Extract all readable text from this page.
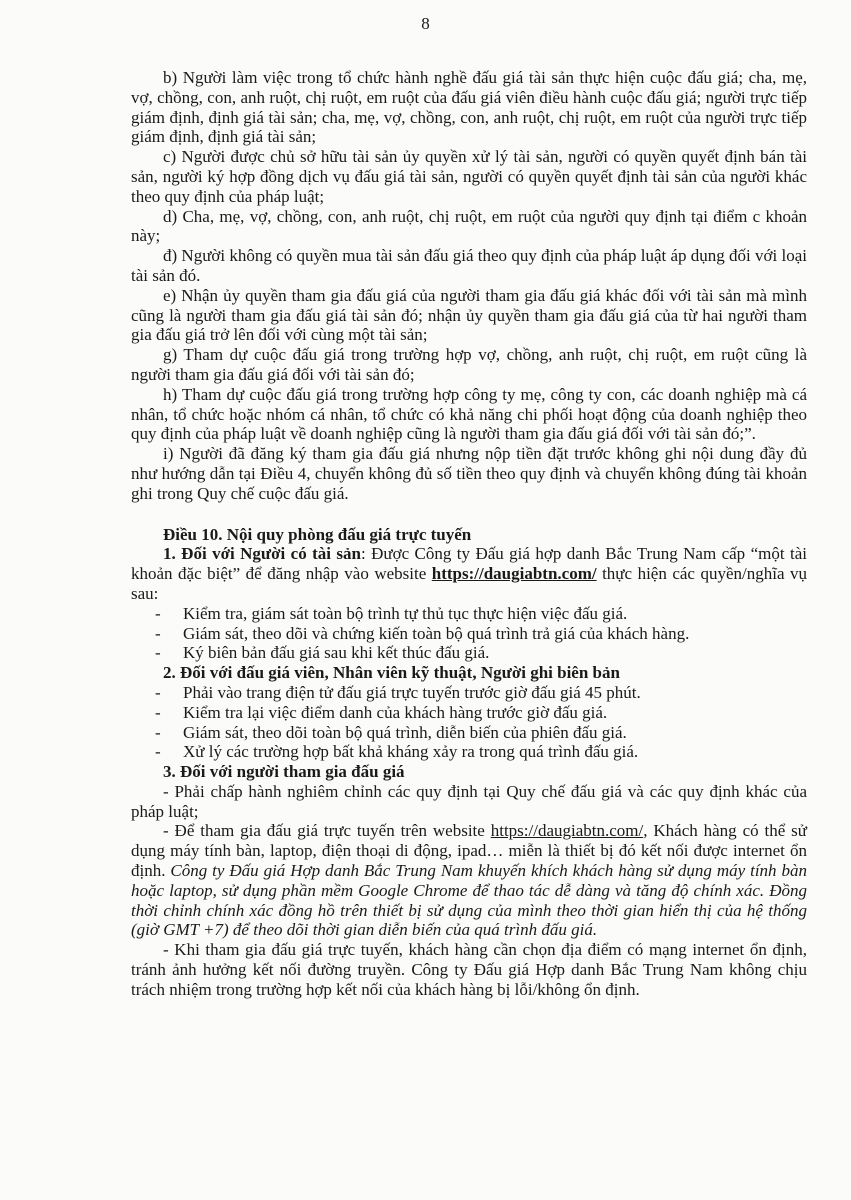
8

b) Người làm việc trong tổ chức hành nghề đấu giá tài sản thực hiện cuộc đấu giá; cha, mẹ, vợ, chồng, con, anh ruột, chị ruột, em ruột của đấu giá viên điều hành cuộc đấu giá; người trực tiếp giám định, định giá tài sản; cha, mẹ, vợ, chồng, con, anh ruột, chị ruột, em ruột của người trực tiếp giám định, định giá tài sản;

c) Người được chủ sở hữu tài sản ủy quyền xử lý tài sản, người có quyền quyết định bán tài sản, người ký hợp đồng dịch vụ đấu giá tài sản, người có quyền quyết định tài sản của người khác theo quy định của pháp luật;

d) Cha, mẹ, vợ, chồng, con, anh ruột, chị ruột, em ruột của người quy định tại điểm c khoản này;

đ) Người không có quyền mua tài sản đấu giá theo quy định của pháp luật áp dụng đối với loại tài sản đó.

e) Nhận ủy quyền tham gia đấu giá của người tham gia đấu giá khác đối với tài sản mà mình cũng là người tham gia đấu giá tài sản đó; nhận ủy quyền tham gia đấu giá của từ hai người tham gia đấu giá trở lên đối với cùng một tài sản;

g) Tham dự cuộc đấu giá trong trường hợp vợ, chồng, anh ruột, chị ruột, em ruột cũng là người tham gia đấu giá đối với tài sản đó;

h) Tham dự cuộc đấu giá trong trường hợp công ty mẹ, công ty con, các doanh nghiệp mà cá nhân, tổ chức hoặc nhóm cá nhân, tổ chức có khả năng chi phối hoạt động của doanh nghiệp theo quy định của pháp luật về doanh nghiệp cũng là người tham gia đấu giá đối với tài sản đó;”.

i) Người đã đăng ký tham gia đấu giá nhưng nộp tiền đặt trước không ghi nội dung đầy đủ như hướng dẫn tại Điều 4, chuyển không đủ số tiền theo quy định và chuyển không đúng tài khoản ghi trong Quy chế cuộc đấu giá.

Điều 10. Nội quy phòng đấu giá trực tuyến

1. Đối với Người có tài sản: Được Công ty Đấu giá hợp danh Bắc Trung Nam cấp “một tài khoản đặc biệt” để đăng nhập vào website https://daugiabtn.com/ thực hiện các quyền/nghĩa vụ sau:

- Kiểm tra, giám sát toàn bộ trình tự thủ tục thực hiện việc đấu giá.

- Giám sát, theo dõi và chứng kiến toàn bộ quá trình trả giá của khách hàng.

- Ký biên bản đấu giá sau khi kết thúc đấu giá.

2. Đối với đấu giá viên, Nhân viên kỹ thuật, Người ghi biên bản

- Phải vào trang điện tử đấu giá trực tuyến trước giờ đấu giá 45 phút.

- Kiểm tra lại việc điểm danh của khách hàng trước giờ đấu giá.

- Giám sát, theo dõi toàn bộ quá trình, diễn biến của phiên đấu giá.

- Xử lý các trường hợp bất khả kháng xảy ra trong quá trình đấu giá.

3. Đối với người tham gia đấu giá

- Phải chấp hành nghiêm chỉnh các quy định tại Quy chế đấu giá và các quy định khác của pháp luật;

- Để tham gia đấu giá trực tuyến trên website https://daugiabtn.com/, Khách hàng có thể sử dụng máy tính bàn, laptop, điện thoại di động, ipad… miễn là thiết bị đó kết nối được internet ổn định. Công ty Đấu giá Hợp danh Bắc Trung Nam khuyến khích khách hàng sử dụng máy tính bàn hoặc laptop, sử dụng phần mềm Google Chrome để thao tác dễ dàng và tăng độ chính xác. Đồng thời chỉnh chính xác đồng hồ trên thiết bị sử dụng của mình theo thời gian hiển thị của hệ thống (giờ GMT +7) để theo dõi thời gian diễn biến của quá trình đấu giá.

- Khi tham gia đấu giá trực tuyến, khách hàng cần chọn địa điểm có mạng internet ổn định, tránh ảnh hưởng kết nối đường truyền. Công ty Đấu giá Hợp danh Bắc Trung Nam không chịu trách nhiệm trong trường hợp kết nối của khách hàng bị lỗi/không ổn định.
